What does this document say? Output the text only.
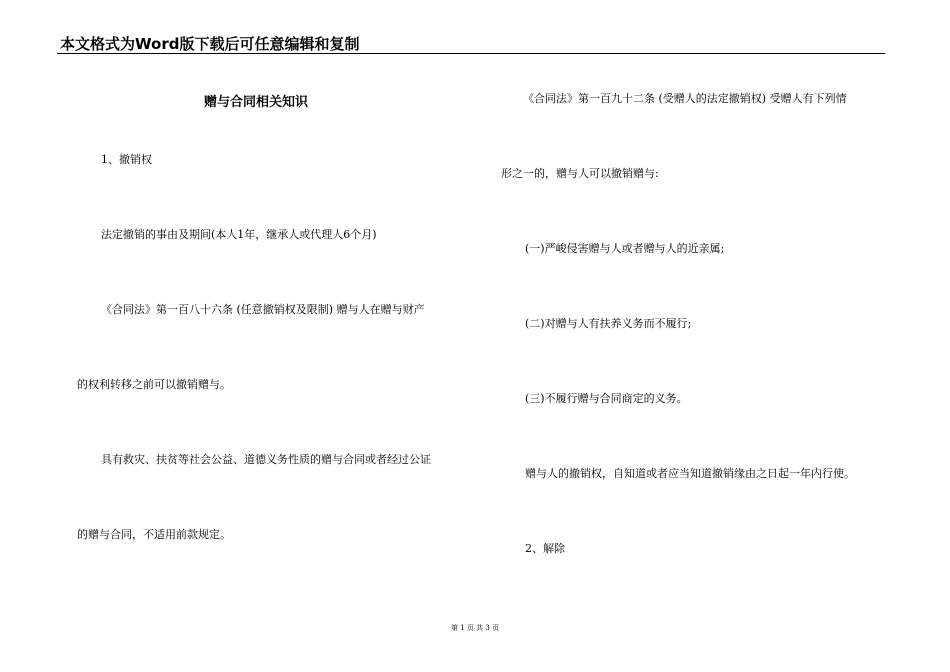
本文格式为Word版下载后可任意编辑和复制
赠与合同相关知识
1、撤销权
法定撤销的事由及期间(本人1年，继承人或代理人6个月)
《合同法》第一百八十六条 (任意撤销权及限制) 赠与人在赠与财产
的权利转移之前可以撤销赠与。
具有救灾、扶贫等社会公益、道德义务性质的赠与合同或者经过公证
的赠与合同，不适用前款规定。
《合同法》第一百九十二条 (受赠人的法定撤销权) 受赠人有下列情
形之一的，赠与人可以撤销赠与:
(一)严峻侵害赠与人或者赠与人的近亲属;
(二)对赠与人有扶养义务而不履行;
(三)不履行赠与合同商定的义务。
赠与人的撤销权，自知道或者应当知道撤销缘由之日起一年内行使。
2、解除
第 1 页 共 3 页
